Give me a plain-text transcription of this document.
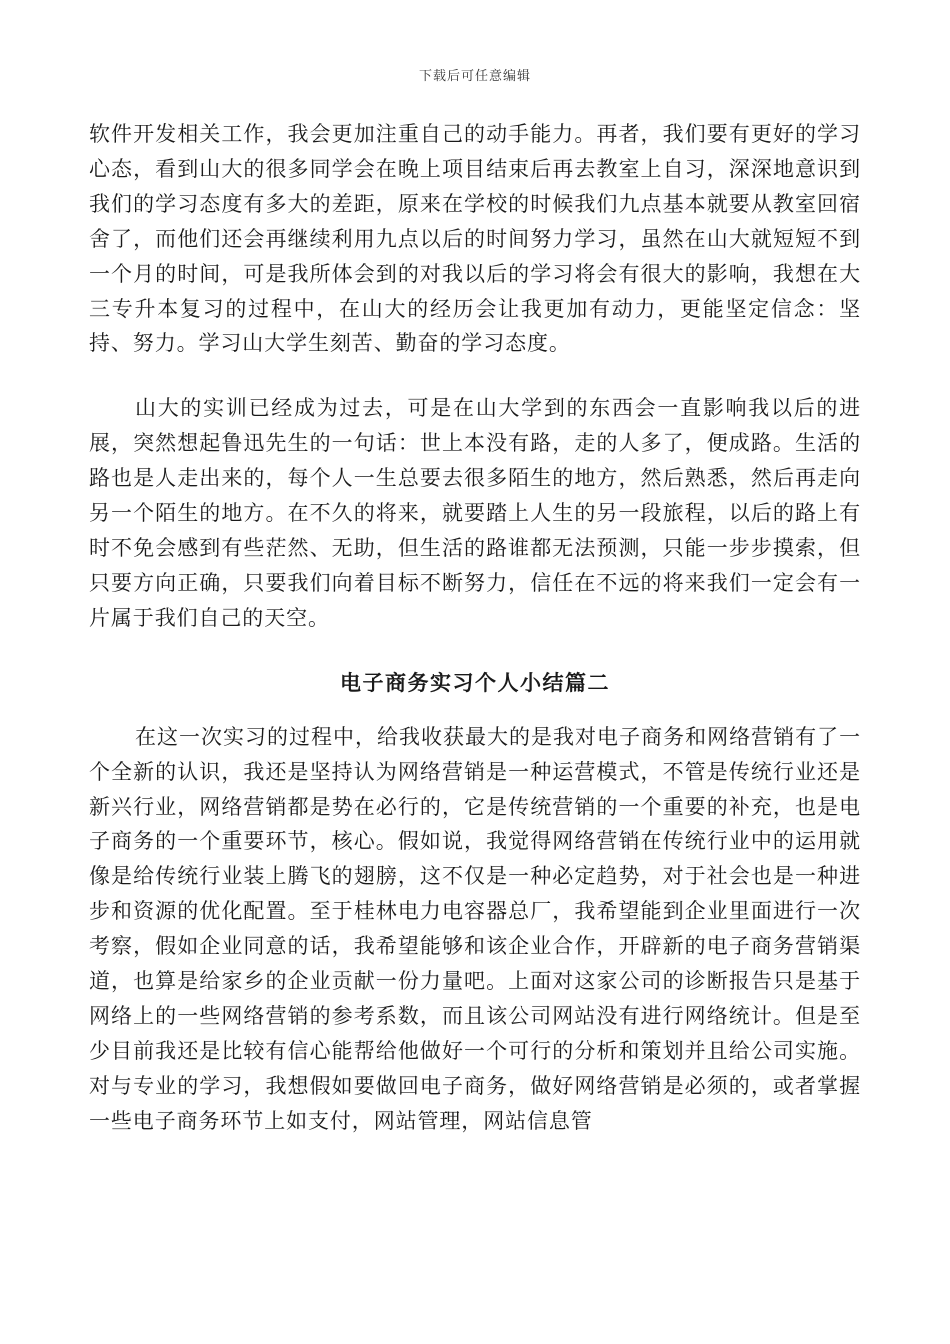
下载后可任意编辑

软件开发相关工作，我会更加注重自己的动手能力。再者，我们要有更好的学习心态，看到山大的很多同学会在晚上项目结束后再去教室上自习，深深地意识到我们的学习态度有多大的差距，原来在学校的时候我们九点基本就要从教室回宿舍了，而他们还会再继续利用九点以后的时间努力学习，虽然在山大就短短不到一个月的时间，可是我所体会到的对我以后的学习将会有很大的影响，我想在大三专升本复习的过程中，在山大的经历会让我更加有动力，更能坚定信念：坚持、努力。学习山大学生刻苦、勤奋的学习态度。

山大的实训已经成为过去，可是在山大学到的东西会一直影响我以后的进展，突然想起鲁迅先生的一句话：世上本没有路，走的人多了，便成路。生活的路也是人走出来的，每个人一生总要去很多陌生的地方，然后熟悉，然后再走向另一个陌生的地方。在不久的将来，就要踏上人生的另一段旅程，以后的路上有时不免会感到有些茫然、无助，但生活的路谁都无法预测，只能一步步摸索，但只要方向正确，只要我们向着目标不断努力，信任在不远的将来我们一定会有一片属于我们自己的天空。

电子商务实习个人小结篇二

在这一次实习的过程中，给我收获最大的是我对电子商务和网络营销有了一个全新的认识，我还是坚持认为网络营销是一种运营模式，不管是传统行业还是新兴行业，网络营销都是势在必行的，它是传统营销的一个重要的补充，也是电子商务的一个重要环节，核心。假如说，我觉得网络营销在传统行业中的运用就像是给传统行业装上腾飞的翅膀，这不仅是一种必定趋势，对于社会也是一种进步和资源的优化配置。至于桂林电力电容器总厂，我希望能到企业里面进行一次考察，假如企业同意的话，我希望能够和该企业合作，开辟新的电子商务营销渠道，也算是给家乡的企业贡献一份力量吧。上面对这家公司的诊断报告只是基于网络上的一些网络营销的参考系数，而且该公司网站没有进行网络统计。但是至少目前我还是比较有信心能帮给他做好一个可行的分析和策划并且给公司实施。 对与专业的学习，我想假如要做回电子商务，做好网络营销是必须的，或者掌握一些电子商务环节上如支付，网站管理，网站信息管
